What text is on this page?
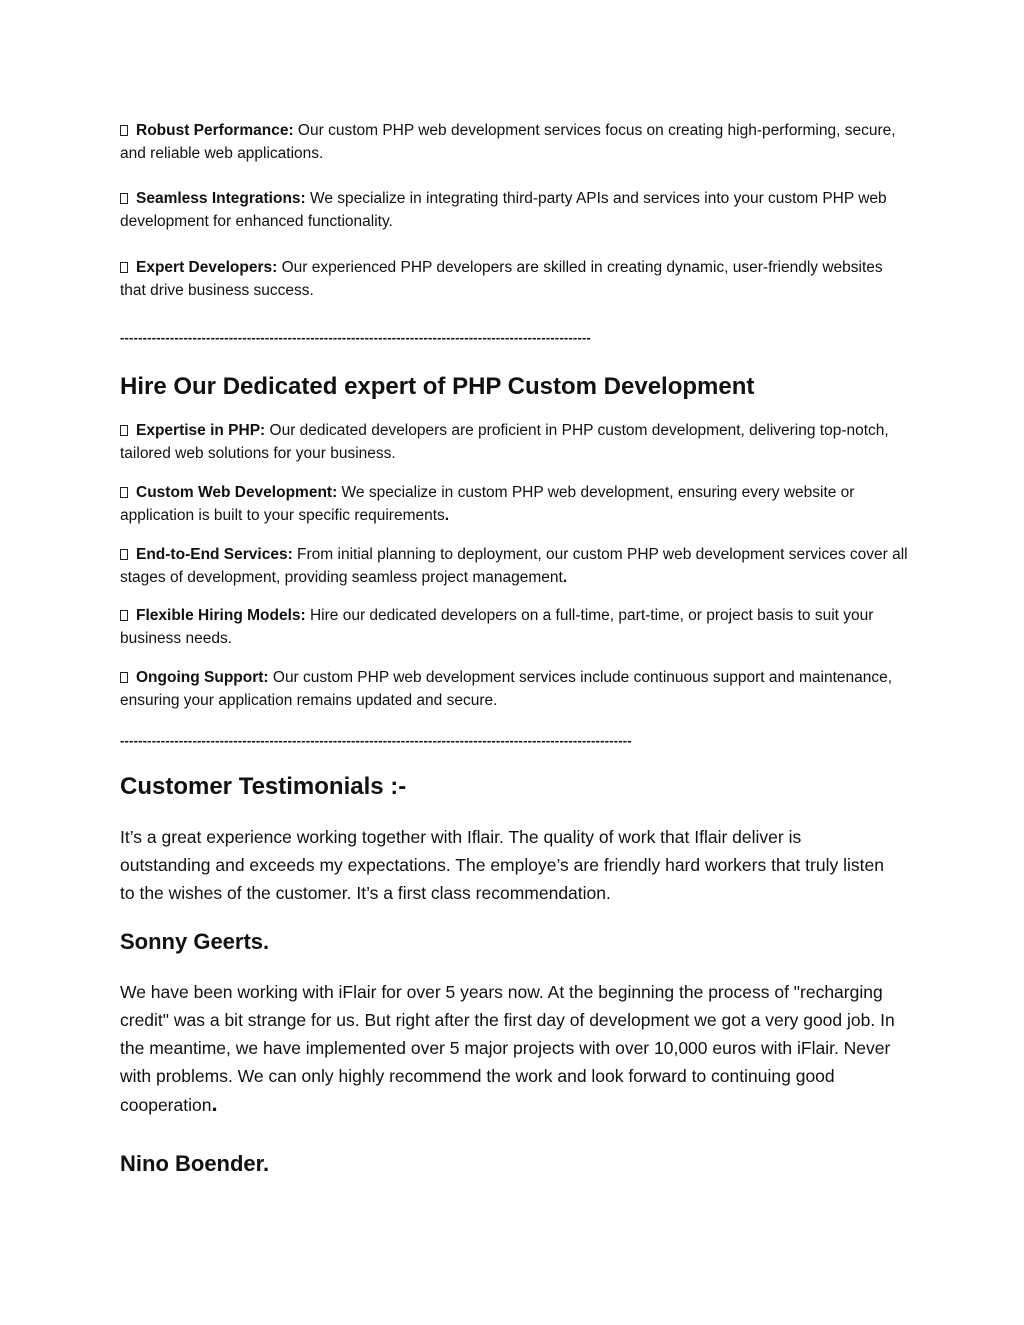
Robust Performance: Our custom PHP web development services focus on creating high-performing, secure, and reliable web applications.
Seamless Integrations: We specialize in integrating third-party APIs and services into your custom PHP web development for enhanced functionality.
Expert Developers: Our experienced PHP developers are skilled in creating dynamic, user-friendly websites that drive business success.
--------------------------------------------------------------------------------------------------------
Hire Our Dedicated expert of PHP Custom Development
Expertise in PHP: Our dedicated developers are proficient in PHP custom development, delivering top-notch, tailored web solutions for your business.
Custom Web Development: We specialize in custom PHP web development, ensuring every website or application is built to your specific requirements.
End-to-End Services: From initial planning to deployment, our custom PHP web development services cover all stages of development, providing seamless project management.
Flexible Hiring Models: Hire our dedicated developers on a full-time, part-time, or project basis to suit your business needs.
Ongoing Support: Our custom PHP web development services include continuous support and maintenance, ensuring your application remains updated and secure.
-----------------------------------------------------------------------------------------------------------------
Customer Testimonials :-
It’s a great experience working together with Iflair. The quality of work that Iflair deliver is outstanding and exceeds my expectations. The employe’s are friendly hard workers that truly listen to the wishes of the customer. It’s a first class recommendation.
Sonny Geerts.
We have been working with iFlair for over 5 years now. At the beginning the process of "recharging credit" was a bit strange for us. But right after the first day of development we got a very good job. In the meantime, we have implemented over 5 major projects with over 10,000 euros with iFlair. Never with problems. We can only highly recommend the work and look forward to continuing good cooperation.
Nino Boender.
